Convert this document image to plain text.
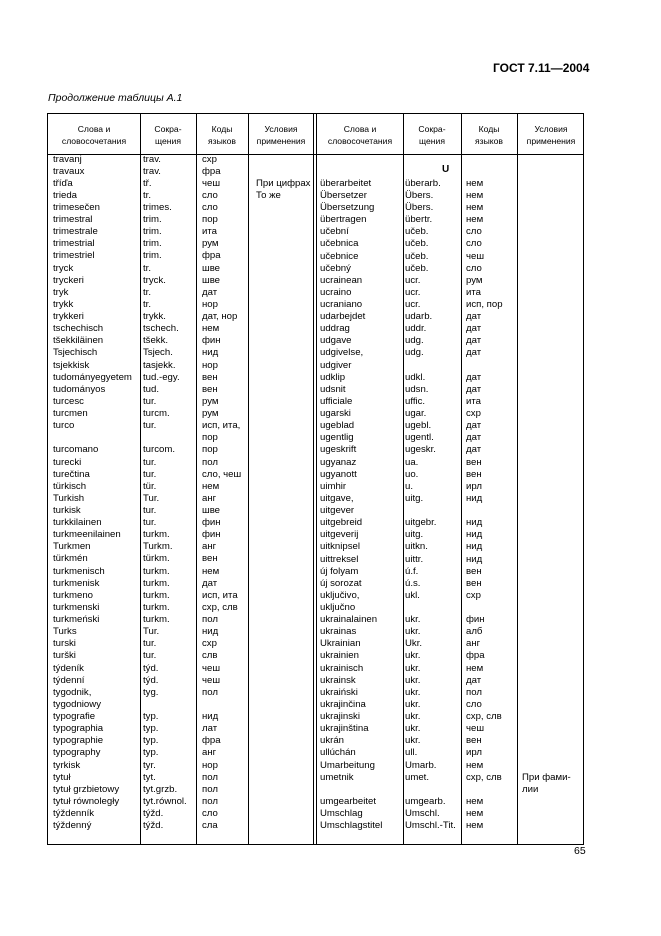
ГОСТ 7.11—2004
Продолжение таблицы А.1
Слова и словосочетания
Сокра-щения
Коды языков
Условия применения
Слова и словосочетания
Сокра-щения
Коды языков
Условия применения
U
travanj	trav.	схр
travaux	trav.	фра
tříďa	tř.	чеш	При цифрах
trieda	tr.	сло	То же
trimesečen	trimes.	сло
trimestral	trim.	пор
trimestrale	trim.	ита
trimestrial	trim.	рум
trimestriel	trim.	фра
tryck	tr.	шве
tryckeri	tryck.	шве
tryk	tr.	дат
trykk	tr.	нор
trykkeri	trykk.	дат, нор
tschechisch	tschech.	нем
tšekkiläinen	tšekk.	фин
Tsjechisch	Tsjech.	нид
tsjekkisk	tasjekk.	нор
tudományegyetem	tud.-egy.	вен
tudományos	tud.	вен
turcesc	tur.	рум
turcmen	turcm.	рум
turco	tur.	исп, ита,
пор
turcomano	turcom.	пор
turecki	tur.	пол
turečtina	tur.	сло, чеш
türkisch	tür.	нем
Turkish	Tur.	анг
turkisk	tur.	шве
turkkilainen	tur.	фин
turkmeenilainen	turkm.	фин
Turkmen	Turkm.	анг
türkmén	türkm.	вен
turkmenisch	turkm.	нем
turkmenisk	turkm.	дат
turkmeno	turkm.	исп, ита
turkmenski	turkm.	схр, слв
turkmeński	turkm.	пол
Turks	Tur.	нид
turski	tur.	схр
turški	tur.	слв
týdeník	týd.	чеш
týdenní	týd.	чеш
tygodnik,	tyg.	пол
tygodniowy
typografie	typ.	нид
typographia	typ.	лат
typographie	typ.	фра
typography	typ.	анг
tyrkisk	tyr.	нор
tytuł	tyt.	пол
tytuł grzbietowy	tyt.grzb.	пол
tytuł równoległy	tyt.równol.	пол
týždenník	týžd.	сло
týždenný	týžd.	сла
überarbeitet	überarb.	нем
Übersetzer	Übers.	нем
Übersetzung	Übers.	нем
übertragen	übertr.	нем
učební	učeb.	сло
učebnica	učeb.	сло
učebnice	učeb.	чеш
učebný	učeb.	сло
ucrainean	ucr.	рум
ucraino	ucr.	ита
ucraniano	ucr.	исп, пор
udarbejdet	udarb.	дат
uddrag	uddr.	дат
udgave	udg.	дат
udgivelse,	udg.	дат
udgiver
udklip	udkl.	дат
udsnit	udsn.	дат
ufficiale	uffic.	ита
ugarski	ugar.	схр
ugeblad	ugebl.	дат
ugentlig	ugentl.	дат
ugeskrift	ugeskr.	дат
ugyanaz	ua.	вен
ugyanott	uo.	вен
uimhir	u.	ирл
uitgave,	uitg.	нид
uitgever
uitgebreid	uitgebr.	нид
uitgeverij	uitg.	нид
uitknipsel	uitkn.	нид
uittreksel	uittr.	нид
új folyam	ú.f.	вен
új sorozat	ú.s.	вен
uključivo,	ukl.	схр
uključno
ukrainalainen	ukr.	фин
ukrainas	ukr.	алб
Ukrainian	Ukr.	анг
ukrainien	ukr.	фра
ukrainisch	ukr.	нем
ukrainsk	ukr.	дат
ukraiński	ukr.	пол
ukrajinčina	ukr.	сло
ukrajinski	ukr.	схр, слв
ukrajinština	ukr.	чеш
ukrán	ukr.	вен
ullúchán	ull.	ирл
Umarbeitung	Umarb.	нем
umetnik	umet.	схр, слв	При фами-
лии
umgearbeitet	umgearb.	нем
Umschlag	Umschl.	нем
Umschlagstitel	Umschl.-Tit.	нем
65
